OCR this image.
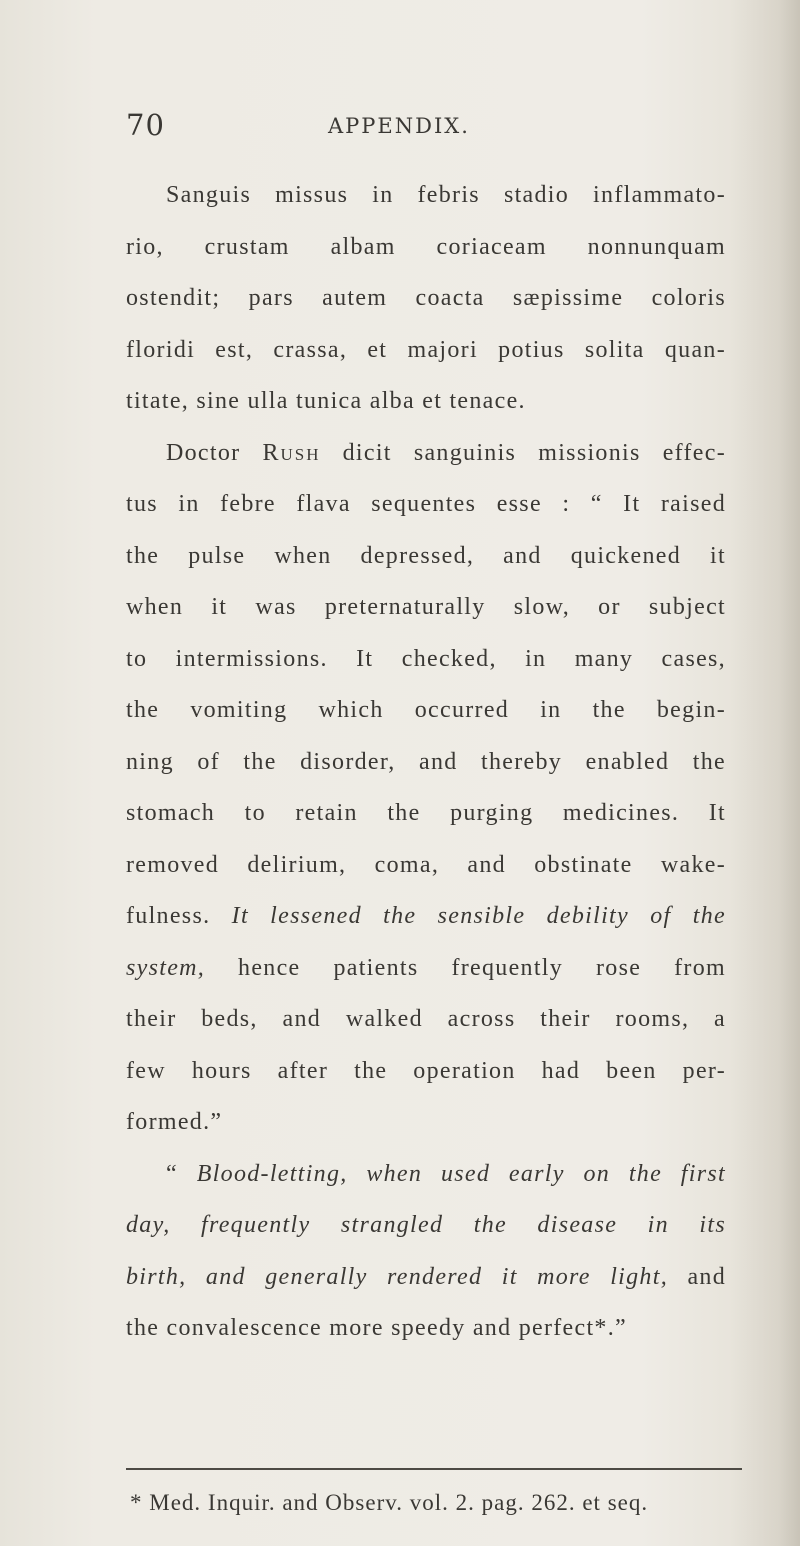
70	APPENDIX.
Sanguis missus in febris stadio inflammato-
rio, crustam albam coriaceam nonnunquam
ostendit; pars autem coacta sæpissime coloris
floridi est, crassa, et majori potius solita quan-
titate, sine ulla tunica alba et tenace.
Doctor Rush dicit sanguinis missionis effec-
tus in febre flava sequentes esse : “ It raised
the pulse when depressed, and quickened it
when it was preternaturally slow, or subject
to intermissions. It checked, in many cases,
the vomiting which occurred in the begin-
ning of the disorder, and thereby enabled the
stomach to retain the purging medicines. It
removed delirium, coma, and obstinate wake-
fulness. It lessened the sensible debility of the
system, hence patients frequently rose from
their beds, and walked across their rooms, a
few hours after the operation had been per-
formed.”
“ Blood-letting, when used early on the first
day, frequently strangled the disease in its
birth, and generally rendered it more light, and
the convalescence more speedy and perfect*.”
* Med. Inquir. and Observ. vol. 2. pag. 262. et seq.
